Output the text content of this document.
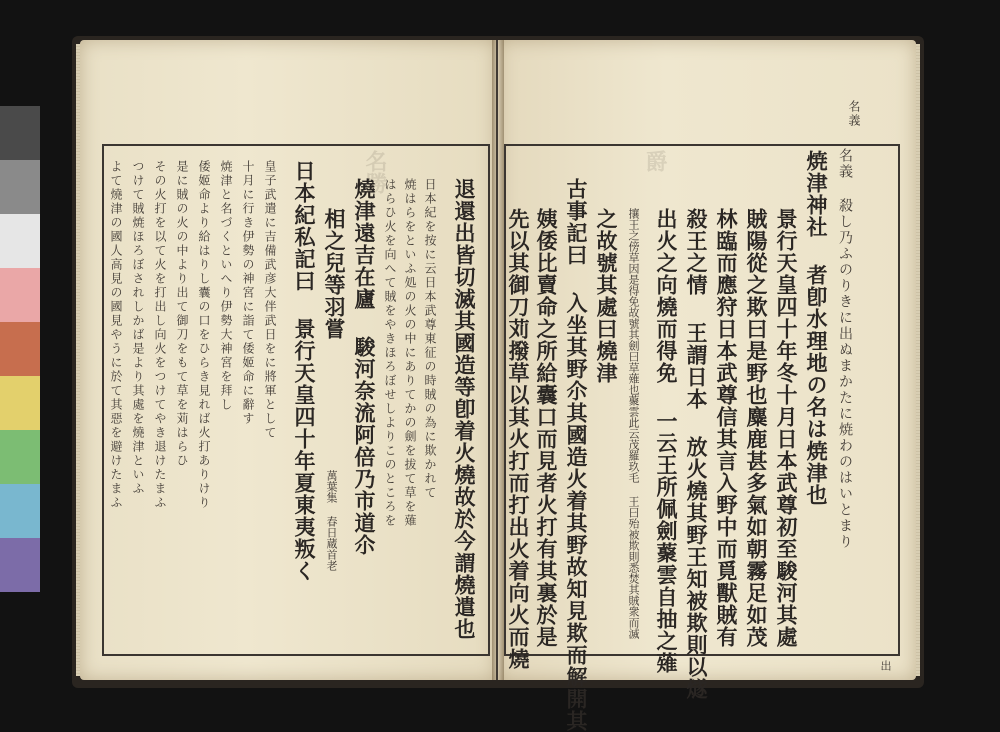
爵
名勝
名義
名義 殺し乃ふのりきに出ぬまかたに焼わのはいとまり
出
焼津神社 者卽水理地の名は焼津也
景行天皇四十年冬十月日本武尊初至駿河其處
賊陽從之欺曰是野也麋鹿甚多氣如朝霧足如茂
林臨而應狩日本武尊信其言入野中而覓獸賊有
殺王之情 王謂日本 放火燒其野王知被欺則以燧
出火之向燒而得免 一云王所佩劍藂雲自抽之薙
攘王之傍草因是得免故號其劍曰草薙也藂雲此云茂羅玖毛 王曰殆被欺則悉焚其賊衆而滅
之故號其處曰燒津
古事記曰 入坐其野尒其國造火着其野故知見欺而解開其
姨倭比賣命之所給囊口而見者火打有其裏於是
先以其御刀苅撥草以其火打而打出火着向火而燒
退還出皆切滅其國造等卽着火燒故於今謂燒遣也
日本紀を按に云日本武尊東征の時賊の為に欺かれて
焼はらをといふ処の火の中にありてかの劍を拔て草を薙
はらひ火を向へて賊をやきほろぼせしよりこのところを
燒津遠吉在廬 駿河奈流阿倍乃市道尒
相之兒等羽嘗
萬葉集 春日蔵首老
日本紀私記曰 景行天皇四十年夏東夷叛く
皇子武遣に吉備武彦大伴武日をに將軍として
十月に行き伊勢の神宮に詣て倭姬命に辭す
焼津と名づくといへり伊勢大神宮を拜し
倭姬命より給はりし囊の口をひらき見れば火打ありけり
是に賊の火の中より出て御刀をもて草を苅はらひ
その火打を以て火を打出し向火をつけてやき退けたまふ
つけて賊焼ほろぼされしかば是より其處を燒津といふ
よて燒津の國人高見の國見やうに於て其惡を避けたまふ
